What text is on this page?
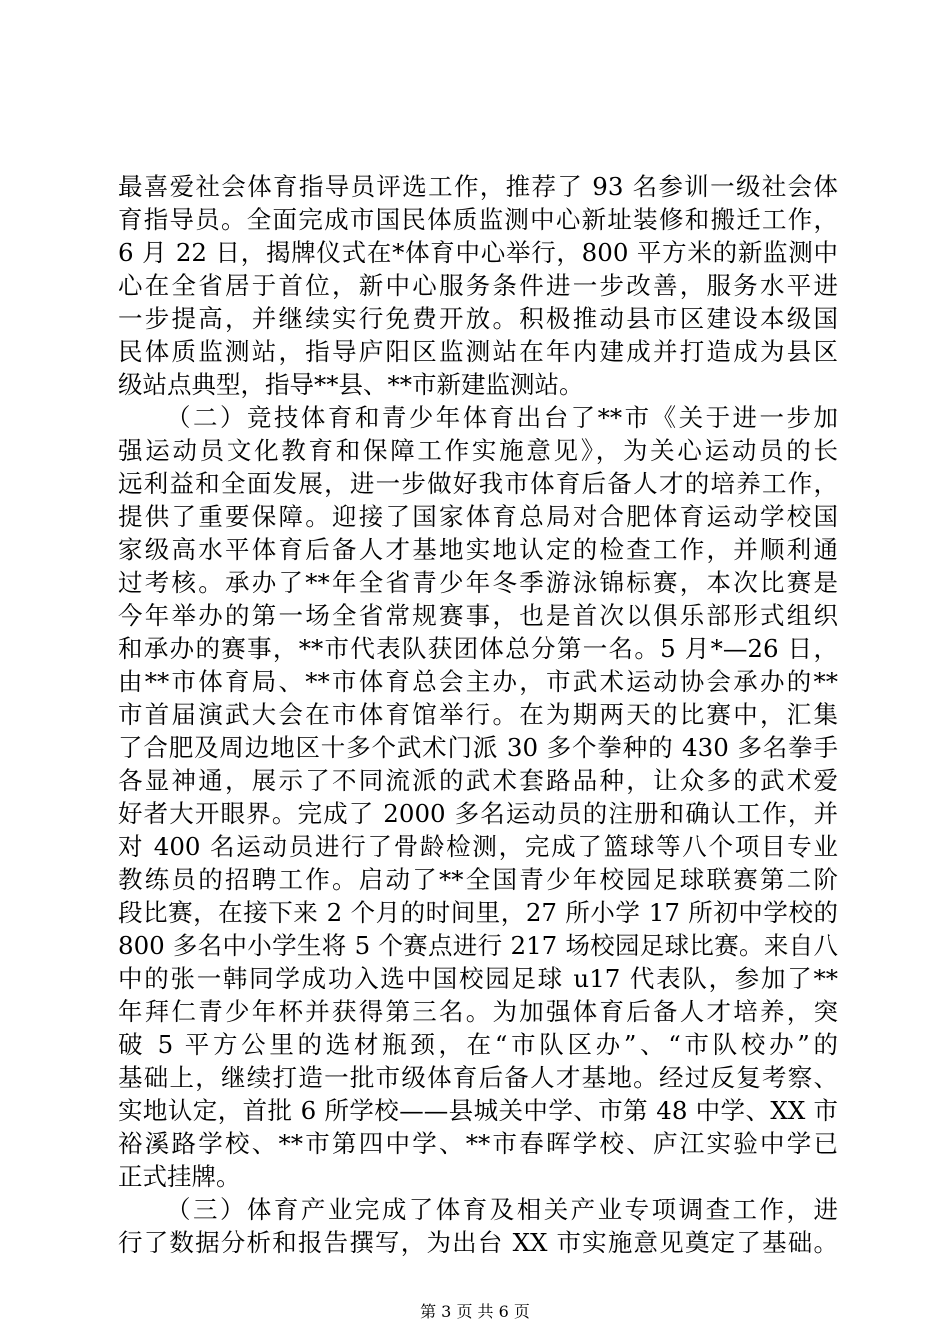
最喜爱社会体育指导员评选工作，推荐了 93 名参训一级社会体
育指导员。全面完成市国民体质监测中心新址装修和搬迁工作，
6 月 22 日，揭牌仪式在*体育中心举行，800 平方米的新监测中
心在全省居于首位，新中心服务条件进一步改善，服务水平进
一步提高，并继续实行免费开放。积极推动县市区建设本级国
民体质监测站，指导庐阳区监测站在年内建成并打造成为县区
级站点典型，指导**县、**市新建监测站。
（二）竞技体育和青少年体育出台了**市《关于进一步加
强运动员文化教育和保障工作实施意见》，为关心运动员的长
远利益和全面发展，进一步做好我市体育后备人才的培养工作，
提供了重要保障。迎接了国家体育总局对合肥体育运动学校国
家级高水平体育后备人才基地实地认定的检查工作，并顺利通
过考核。承办了**年全省青少年冬季游泳锦标赛，本次比赛是
今年举办的第一场全省常规赛事，也是首次以俱乐部形式组织
和承办的赛事，**市代表队获团体总分第一名。5 月*—26 日，
由**市体育局、**市体育总会主办，市武术运动协会承办的**
市首届演武大会在市体育馆举行。在为期两天的比赛中，汇集
了合肥及周边地区十多个武术门派 30 多个拳种的 430 多名拳手
各显神通，展示了不同流派的武术套路品种，让众多的武术爱
好者大开眼界。完成了 2000 多名运动员的注册和确认工作，并
对 400 名运动员进行了骨龄检测，完成了篮球等八个项目专业
教练员的招聘工作。启动了**全国青少年校园足球联赛第二阶
段比赛，在接下来 2 个月的时间里，27 所小学 17 所初中学校的
800 多名中小学生将 5 个赛点进行 217 场校园足球比赛。来自八
中的张一韩同学成功入选中国校园足球 u17 代表队，参加了**
年拜仁青少年杯并获得第三名。为加强体育后备人才培养，突
破 5 平方公里的选材瓶颈，在“市队区办”、“市队校办”的
基础上，继续打造一批市级体育后备人才基地。经过反复考察、
实地认定，首批 6 所学校——县城关中学、市第 48 中学、XX 市
裕溪路学校、**市第四中学、**市春晖学校、庐江实验中学已
正式挂牌。
（三）体育产业完成了体育及相关产业专项调查工作，进
行了数据分析和报告撰写，为出台 XX 市实施意见奠定了基础。
第 3 页 共 6 页
